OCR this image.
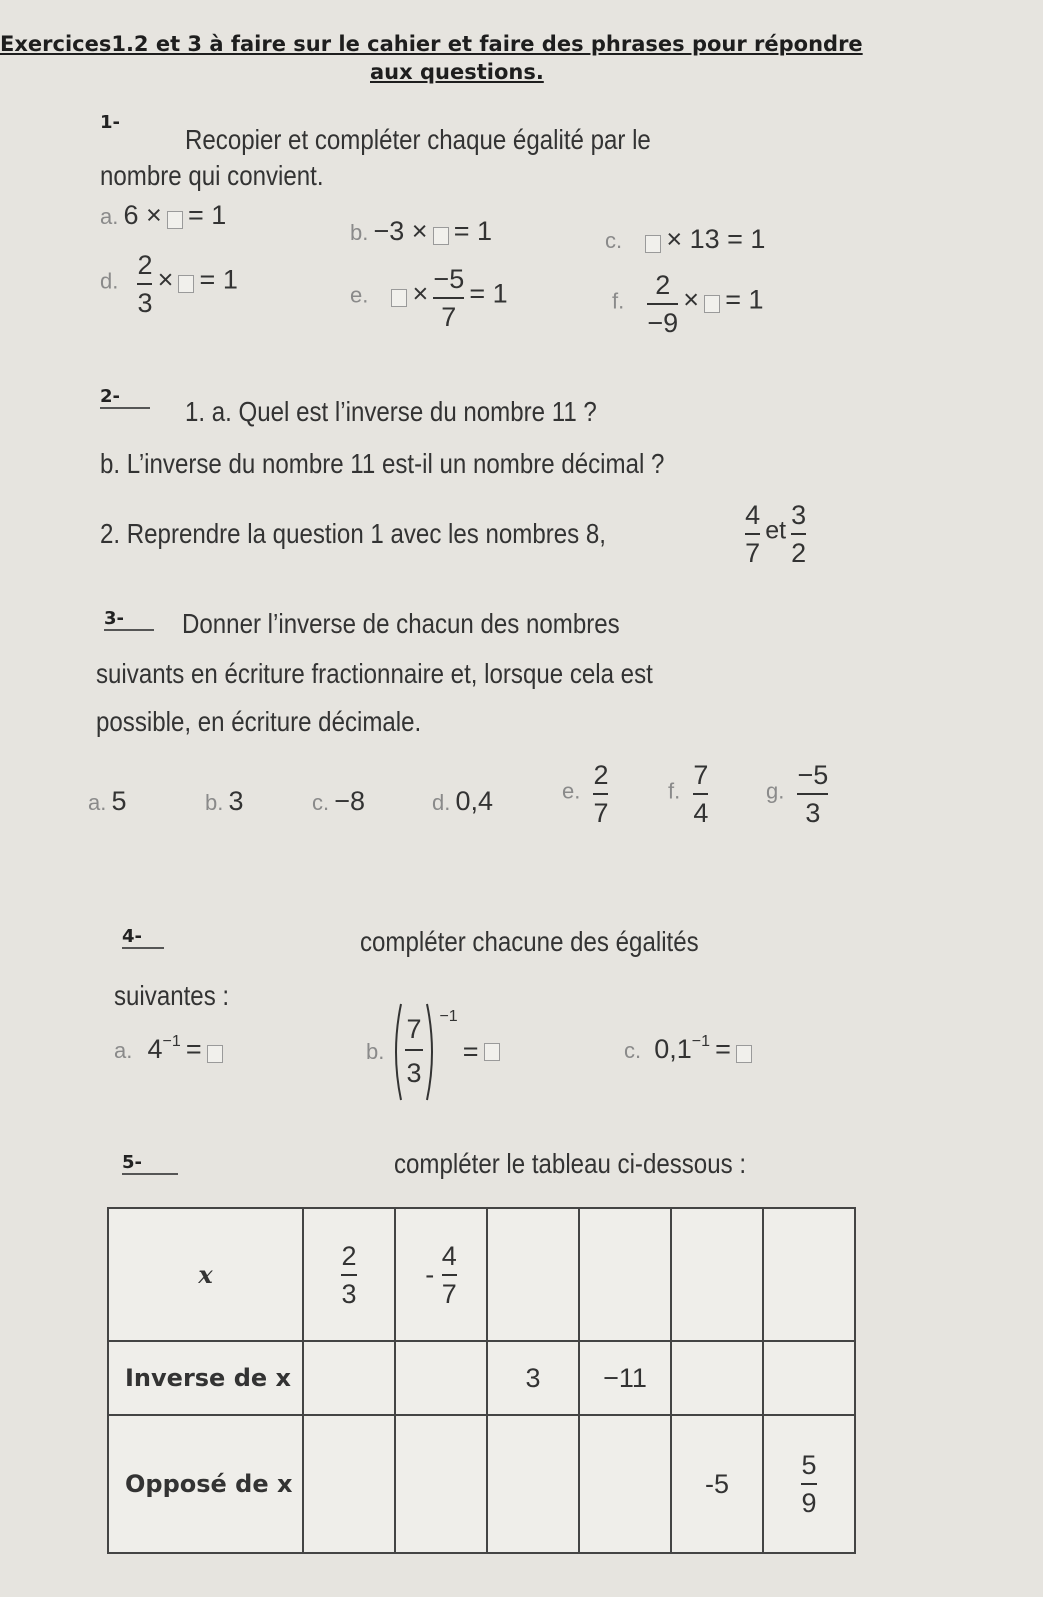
Exercices1.2 et 3 à faire sur le cahier et faire des phrases pour répondre
aux questions.
1-
Recopier et compléter chaque égalité par le
nombre qui convient.
a. 6 × = 1
b. −3 × = 1	c. × 13 = 1
d. $\frac{2}{3}$ × = 1
e. × $\frac{-5}{7} = 1$	f. $\frac{2}{-9}$ × = 1
2-	1. a. Quel est l’inverse du nombre 11 ?
b. L’inverse du nombre 11 est-il un nombre décimal ?
2. Reprendre la question 1 avec les nombres 8,	$\frac{4}{7}$ et $\frac{3}{2}$
3-	Donner l’inverse de chacun des nombres
suivants en écriture fractionnaire et, lorsque cela est
possible, en écriture décimale.
a. 5	b. 3	c. −8	d. 0,4	e. $\frac{2}{7}$	f. $\frac{7}{4}$	g. $\frac{-5}{3}$
4-	compléter chacune des égalités
suivantes :
a. 4−1 =	b.
7
3
−1 =	c. 0,1−1 =
5-	compléter le tableau ci-dessous :
x	$\frac{2}{3}$	- $\frac{4}{7}$

Inverse de x			3	−11		
Opposé de x					-5	$\frac{5}{9}$
